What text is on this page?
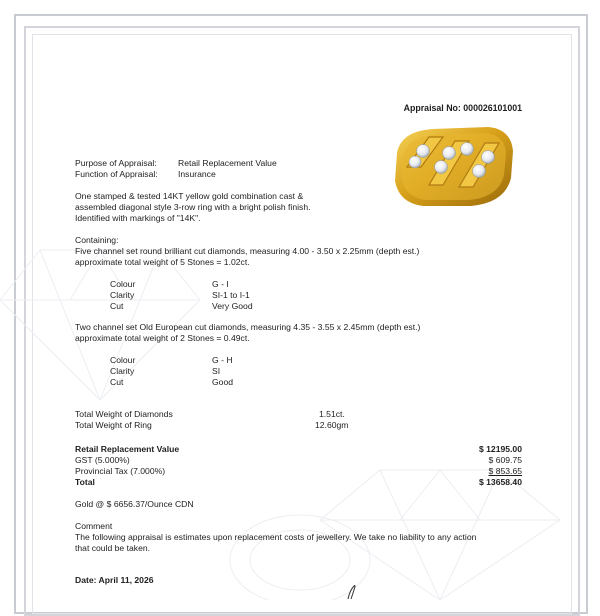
Appraisal No: 000026101001
Purpose of Appraisal: Retail Replacement Value
Function of Appraisal: Insurance
One stamped & tested 14KT yellow gold combination cast &
assembled diagonal style 3-row ring with a bright polish finish.
Identified with markings of "14K".
Containing:
Five channel set round brilliant cut diamonds, measuring 4.00 - 3.50 x 2.25mm (depth est.)
approximate total weight of 5 Stones = 1.02ct.
Colour	G - I
Clarity	SI-1 to I-1
Cut	Very Good
Two channel set Old European cut diamonds, measuring 4.35 - 3.55 x 2.45mm (depth est.)
approximate total weight of 2 Stones = 0.49ct.
Colour	G - H
Clarity	SI
Cut	Good
Total Weight of Diamonds	1.51ct.
Total Weight of Ring	12.60gm
Retail Replacement Value	$ 12195.00
GST (5.000%)	$ 609.75
Provincial Tax (7.000%)	$ 853.65
Total	$ 13658.40
Gold @ $ 6656.37/Ounce CDN
Comment
The following appraisal is estimates upon replacement costs of jewellery. We take no liability to any action
that could be taken.
Date: April 11, 2026
